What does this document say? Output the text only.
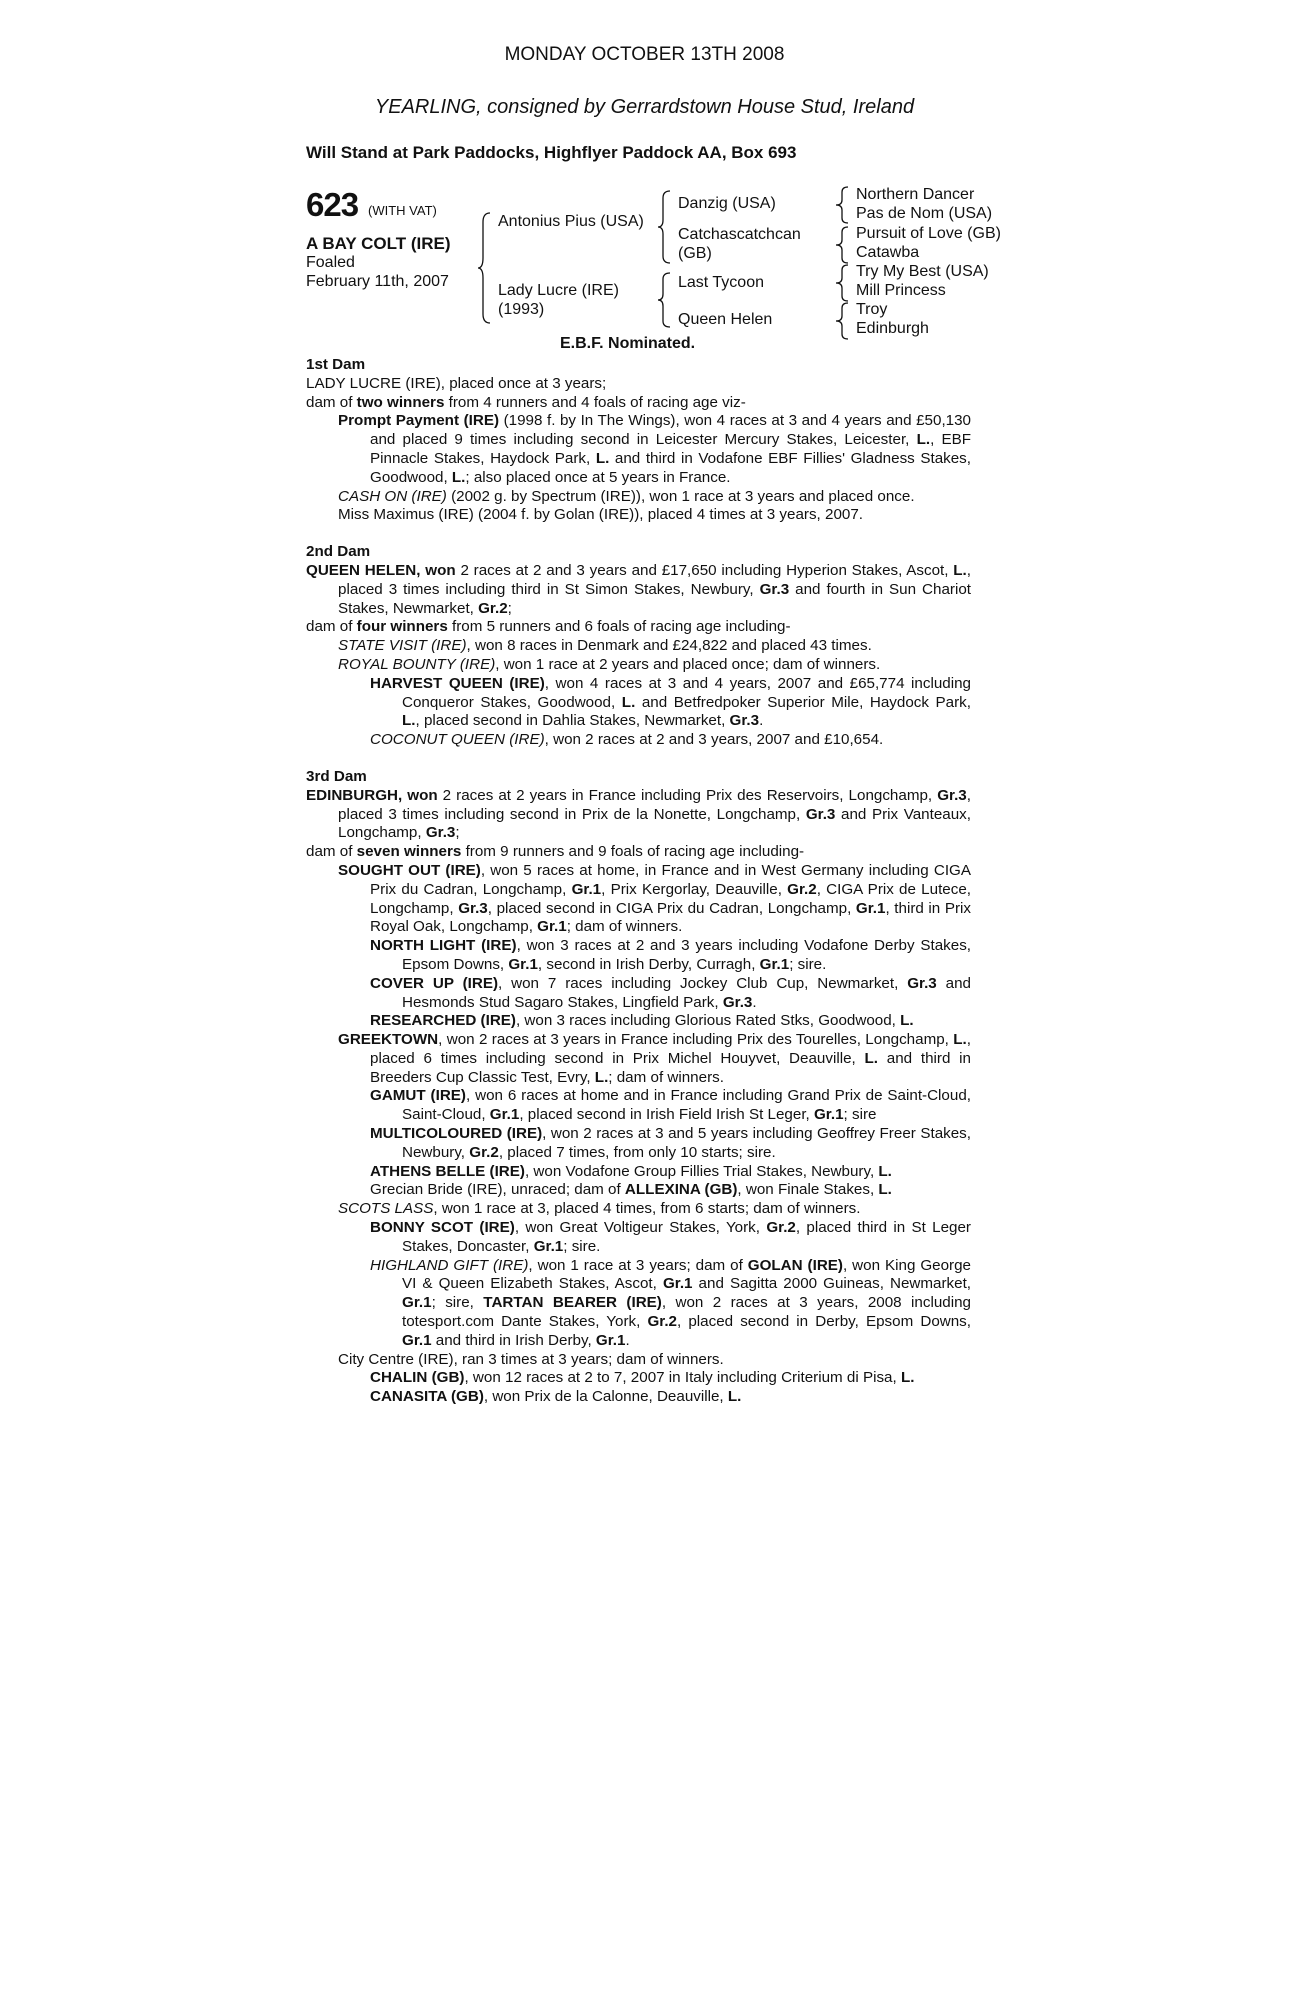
MONDAY OCTOBER 13TH 2008
YEARLING, consigned by Gerrardstown House Stud, Ireland
Will Stand at Park Paddocks, Highflyer Paddock AA, Box 693
623 (WITH VAT)
A BAY COLT (IRE)
Foaled
February 11th, 2007
Antonius Pius (USA)
Lady Lucre (IRE)
(1993)
Danzig (USA)
Catchascatchcan
(GB)
Last Tycoon
Queen Helen
Northern Dancer
Pas de Nom (USA)
Pursuit of Love (GB)
Catawba
Try My Best (USA)
Mill Princess
Troy
Edinburgh
E.B.F. Nominated.
1st Dam
LADY LUCRE (IRE), placed once at 3 years;
dam of two winners from 4 runners and 4 foals of racing age viz-
Prompt Payment (IRE) (1998 f. by In The Wings), won 4 races at 3 and 4 years and £50,130 and placed 9 times including second in Leicester Mercury Stakes, Leicester, L., EBF Pinnacle Stakes, Haydock Park, L. and third in Vodafone EBF Fillies' Gladness Stakes, Goodwood, L.; also placed once at 5 years in France.
CASH ON (IRE) (2002 g. by Spectrum (IRE)), won 1 race at 3 years and placed once.
Miss Maximus (IRE) (2004 f. by Golan (IRE)), placed 4 times at 3 years, 2007.
2nd Dam
QUEEN HELEN, won 2 races at 2 and 3 years and £17,650 including Hyperion Stakes, Ascot, L., placed 3 times including third in St Simon Stakes, Newbury, Gr.3 and fourth in Sun Chariot Stakes, Newmarket, Gr.2;
dam of four winners from 5 runners and 6 foals of racing age including-
STATE VISIT (IRE), won 8 races in Denmark and £24,822 and placed 43 times.
ROYAL BOUNTY (IRE), won 1 race at 2 years and placed once; dam of winners.
HARVEST QUEEN (IRE), won 4 races at 3 and 4 years, 2007 and £65,774 including Conqueror Stakes, Goodwood, L. and Betfredpoker Superior Mile, Haydock Park, L., placed second in Dahlia Stakes, Newmarket, Gr.3.
COCONUT QUEEN (IRE), won 2 races at 2 and 3 years, 2007 and £10,654.
3rd Dam
EDINBURGH, won 2 races at 2 years in France including Prix des Reservoirs, Longchamp, Gr.3, placed 3 times including second in Prix de la Nonette, Longchamp, Gr.3 and Prix Vanteaux, Longchamp, Gr.3;
dam of seven winners from 9 runners and 9 foals of racing age including-
SOUGHT OUT (IRE), won 5 races at home, in France and in West Germany including CIGA Prix du Cadran, Longchamp, Gr.1, Prix Kergorlay, Deauville, Gr.2, CIGA Prix de Lutece, Longchamp, Gr.3, placed second in CIGA Prix du Cadran, Longchamp, Gr.1, third in Prix Royal Oak, Longchamp, Gr.1; dam of winners.
NORTH LIGHT (IRE), won 3 races at 2 and 3 years including Vodafone Derby Stakes, Epsom Downs, Gr.1, second in Irish Derby, Curragh, Gr.1; sire.
COVER UP (IRE), won 7 races including Jockey Club Cup, Newmarket, Gr.3 and Hesmonds Stud Sagaro Stakes, Lingfield Park, Gr.3.
RESEARCHED (IRE), won 3 races including Glorious Rated Stks, Goodwood, L.
GREEKTOWN, won 2 races at 3 years in France including Prix des Tourelles, Longchamp, L., placed 6 times including second in Prix Michel Houyvet, Deauville, L. and third in Breeders Cup Classic Test, Evry, L.; dam of winners.
GAMUT (IRE), won 6 races at home and in France including Grand Prix de Saint-Cloud, Saint-Cloud, Gr.1, placed second in Irish Field Irish St Leger, Gr.1; sire
MULTICOLOURED (IRE), won 2 races at 3 and 5 years including Geoffrey Freer Stakes, Newbury, Gr.2, placed 7 times, from only 10 starts; sire.
ATHENS BELLE (IRE), won Vodafone Group Fillies Trial Stakes, Newbury, L.
Grecian Bride (IRE), unraced; dam of ALLEXINA (GB), won Finale Stakes, L.
SCOTS LASS, won 1 race at 3, placed 4 times, from 6 starts; dam of winners.
BONNY SCOT (IRE), won Great Voltigeur Stakes, York, Gr.2, placed third in St Leger Stakes, Doncaster, Gr.1; sire.
HIGHLAND GIFT (IRE), won 1 race at 3 years; dam of GOLAN (IRE), won King George VI & Queen Elizabeth Stakes, Ascot, Gr.1 and Sagitta 2000 Guineas, Newmarket, Gr.1; sire, TARTAN BEARER (IRE), won 2 races at 3 years, 2008 including totesport.com Dante Stakes, York, Gr.2, placed second in Derby, Epsom Downs, Gr.1 and third in Irish Derby, Gr.1.
City Centre (IRE), ran 3 times at 3 years; dam of winners.
CHALIN (GB), won 12 races at 2 to 7, 2007 in Italy including Criterium di Pisa, L.
CANASITA (GB), won Prix de la Calonne, Deauville, L.
